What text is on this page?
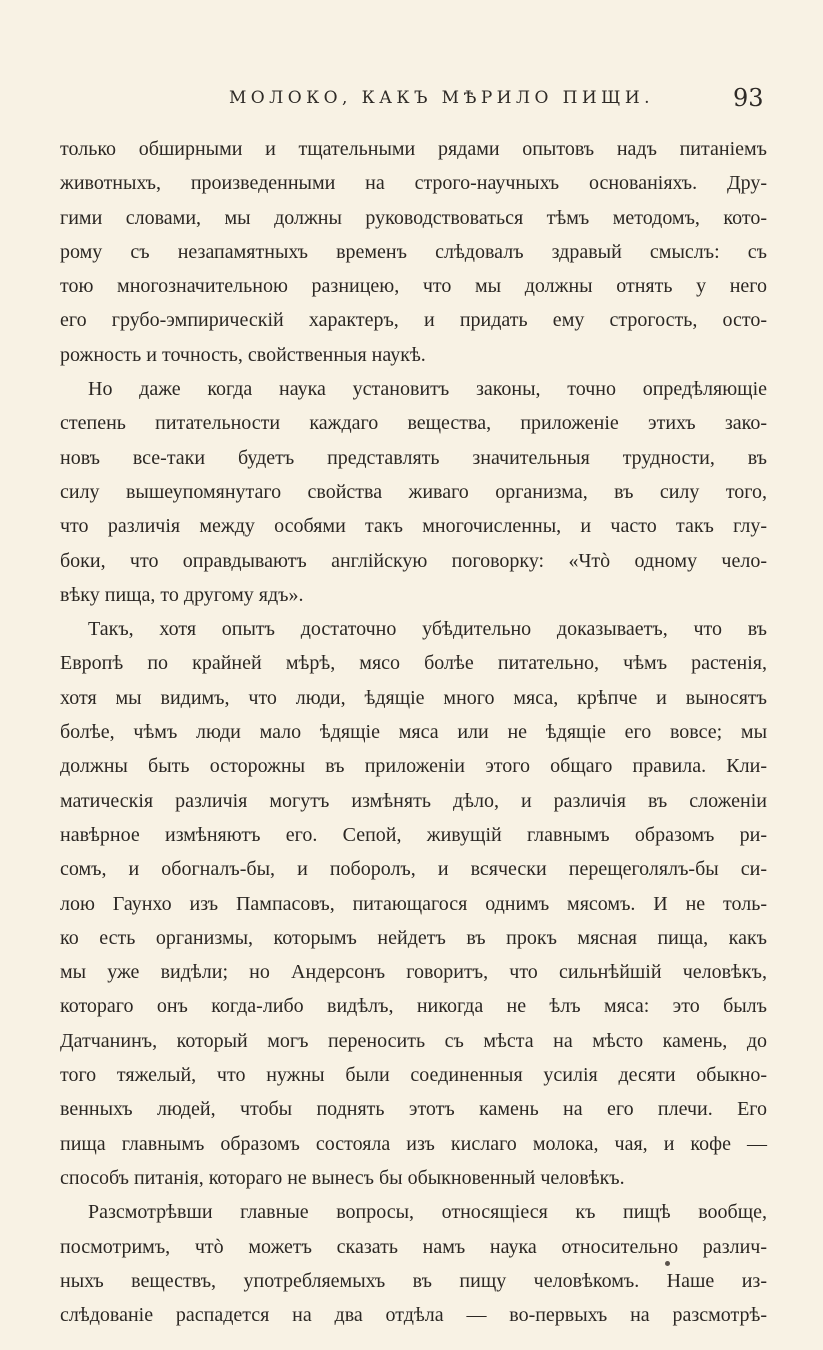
МОЛОКО, КАКЪ МѢРИЛО ПИЩИ.	93
только обширными и тщательными рядами опытовъ надъ питаніемъ
животныхъ, произведенными на строго-научныхъ основаніяхъ. Дру-
гими словами, мы должны руководствоваться тѣмъ методомъ, кото-
рому съ незапамятныхъ временъ слѣдовалъ здравый смыслъ: съ
тою многозначительною разницею, что мы должны отнять у него
его грубо-эмпирическій характеръ, и придать ему строгость, осто-
рожность и точность, свойственныя наукѣ.
Но даже когда наука установитъ законы, точно опредѣляющіе
степень питательности каждаго вещества, приложеніе этихъ зако-
новъ все-таки будетъ представлять значительныя трудности, въ
силу вышеупомянутаго свойства живаго организма, въ силу того,
что различія между особями такъ многочисленны, и часто такъ глу-
боки, что оправдываютъ англійскую поговорку: «Чтò одному чело-
вѣку пища, то другому ядъ».
Такъ, хотя опытъ достаточно убѣдительно доказываетъ, что въ
Европѣ по крайней мѣрѣ, мясо болѣе питательно, чѣмъ растенія,
хотя мы видимъ, что люди, ѣдящіе много мяса, крѣпче и выносятъ
болѣе, чѣмъ люди мало ѣдящіе мяса или не ѣдящіе его вовсе; мы
должны быть осторожны въ приложеніи этого общаго правила. Кли-
матическія различія могутъ измѣнять дѣло, и различія въ сложеніи
навѣрное измѣняютъ его. Сепой, живущій главнымъ образомъ ри-
сомъ, и обогналъ-бы, и поборолъ, и всячески перещеголялъ-бы си-
лою Гаунхо изъ Пампасовъ, питающагося однимъ мясомъ. И не толь-
ко есть организмы, которымъ нейдетъ въ прокъ мясная пища, какъ
мы уже видѣли; но Андерсонъ говоритъ, что сильнѣйшій человѣкъ,
котораго онъ когда-либо видѣлъ, никогда не ѣлъ мяса: это былъ
Датчанинъ, который могъ переносить съ мѣста на мѣсто камень, до
того тяжелый, что нужны были соединенныя усилія десяти обыкно-
венныхъ людей, чтобы поднять этотъ камень на его плечи. Его
пища главнымъ образомъ состояла изъ кислаго молока, чая, и кофе —
способъ питанія, котораго не вынесъ бы обыкновенный человѣкъ.
Разсмотрѣвши главные вопросы, относящіеся къ пищѣ вообще,
посмотримъ, чтò можетъ сказать намъ наука относительно различ-
ныхъ веществъ, употребляемыхъ въ пищу человѣкомъ. Наше из-
слѣдованіе распадется на два отдѣла — во-первыхъ на разсмотрѣ-
